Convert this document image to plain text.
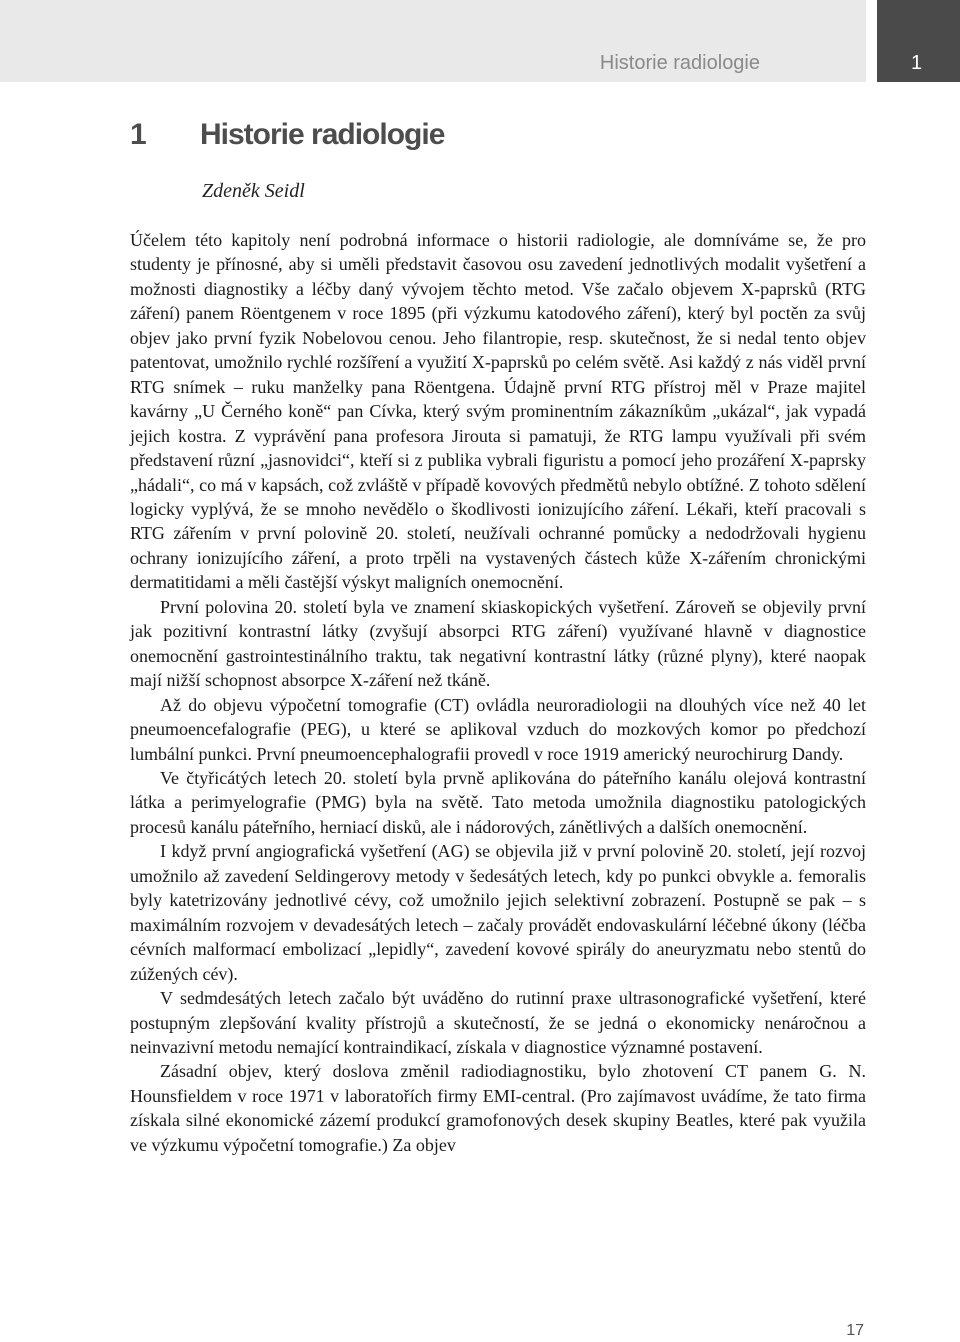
Historie radiologie	1
1 Historie radiologie
Zdeněk Seidl

Účelem této kapitoly není podrobná informace o historii radiologie, ale domníváme se, že pro studenty je přínosné, aby si uměli představit časovou osu zavedení jednotlivých modalit vyšetření a možnosti diagnostiky a léčby daný vývojem těchto metod. Vše začalo objevem X-paprsků (RTG záření) panem Röentgenem v roce 1895 (při výzkumu katodového záření), který byl poctěn za svůj objev jako první fyzik Nobelovou cenou. Jeho filantropie, resp. skutečnost, že si nedal tento objev patentovat, umožnilo rychlé rozšíření a využití X-paprsků po celém světě. Asi každý z nás viděl první RTG snímek – ruku manželky pana Röentgena. Údajně první RTG přístroj měl v Praze majitel kavárny „U Černého koně“ pan Cívka, který svým prominentním zákazníkům „ukázal“, jak vypadá jejich kostra. Z vyprávění pana profesora Jirouta si pamatuji, že RTG lampu využívali při svém představení různí „jasnovidci“, kteří si z publika vybrali figuristu a pomocí jeho prozáření X-paprsky „hádali“, co má v kapsách, což zvláště v případě kovových předmětů nebylo obtížné. Z tohoto sdělení logicky vyplývá, že se mnoho nevědělo o škodlivosti ionizujícího záření. Lékaři, kteří pracovali s RTG zářením v první polovině 20. století, neužívali ochranné pomůcky a nedodržovali hygienu ochrany ionizujícího záření, a proto trpěli na vystavených částech kůže X-zářením chronickými dermatitidami a měli častější výskyt maligních onemocnění.

První polovina 20. století byla ve znamení skiaskopických vyšetření. Zároveň se objevily první jak pozitivní kontrastní látky (zvyšují absorpci RTG záření) využívané hlavně v diagnostice onemocnění gastrointestinálního traktu, tak negativní kontrastní látky (různé plyny), které naopak mají nižší schopnost absorpce X-záření než tkáně.

Až do objevu výpočetní tomografie (CT) ovládla neuroradiologii na dlouhých více než 40 let pneumoencefalografie (PEG), u které se aplikoval vzduch do mozkových komor po předchozí lumbální punkci. První pneumoencephalografii provedl v roce 1919 americký neurochirurg Dandy.

Ve čtyřicátých letech 20. století byla prvně aplikována do páteřního kanálu olejová kontrastní látka a perimyelografie (PMG) byla na světě. Tato metoda umožnila diagnostiku patologických procesů kanálu páteřního, herniací disků, ale i nádorových, zánětlivých a dalších onemocnění.

I když první angiografická vyšetření (AG) se objevila již v první polovině 20. století, její rozvoj umožnilo až zavedení Seldingerovy metody v šedesátých letech, kdy po punkci obvykle a. femoralis byly katetrizovány jednotlivé cévy, což umožnilo jejich selektivní zobrazení. Postupně se pak – s maximálním rozvojem v devadesátých letech – začaly provádět endovaskulární léčebné úkony (léčba cévních malformací embolizací „lepidly“, zavedení kovové spirály do aneuryzmatu nebo stentů do zúžených cév).

V sedmdesátých letech začalo být uváděno do rutinní praxe ultrasonografické vyšetření, které postupným zlepšování kvality přístrojů a skutečností, že se jedná o ekonomicky nenáročnou a neinvazivní metodu nemající kontraindikací, získala v diagnostice významné postavení.

Zásadní objev, který doslova změnil radiodiagnostiku, bylo zhotovení CT panem G. N. Hounsfieldem v roce 1971 v laboratořích firmy EMI-central. (Pro zajímavost uvádíme, že tato firma získala silné ekonomické zázemí produkcí gramofonových desek skupiny Beatles, které pak využila ve výzkumu výpočetní tomografie.) Za objev

17
